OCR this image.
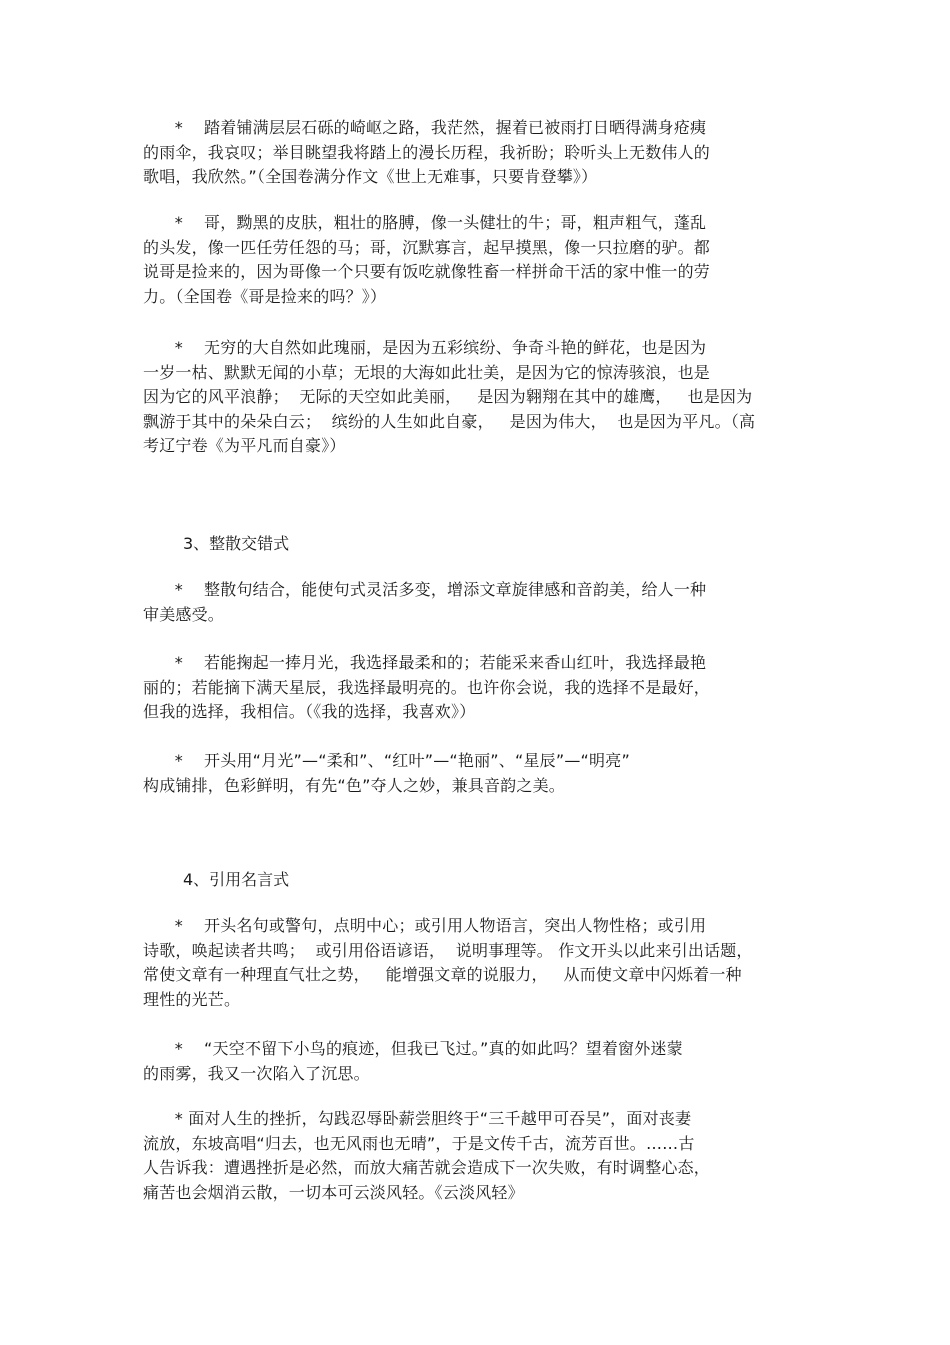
*    踏着铺满层层石砾的崎岖之路，我茫然，握着已被雨打日晒得满身疮痍
的雨伞，我哀叹；举目眺望我将踏上的漫长历程，我祈盼；聆听头上无数伟人的
歌唱，我欣然。”（全国卷满分作文《世上无难事，只要肯登攀》）
*    哥，黝黑的皮肤，粗壮的胳膊，像一头健壮的牛；哥，粗声粗气，蓬乱
的头发，像一匹任劳任怨的马；哥，沉默寡言，起早摸黑，像一只拉磨的驴。都
说哥是捡来的，因为哥像一个只要有饭吃就像牲畜一样拼命干活的家中惟一的劳
力。（全国卷《哥是捡来的吗？》）
*    无穷的大自然如此瑰丽，是因为五彩缤纷、争奇斗艳的鲜花，也是因为
一岁一枯、默默无闻的小草；无垠的大海如此壮美，是因为它的惊涛骇浪，也是
因为它的风平浪静；  无际的天空如此美丽，   是因为翱翔在其中的雄鹰，   也是因为
飘游于其中的朵朵白云；  缤纷的人生如此自豪，   是因为伟大，  也是因为平凡。（高
考辽宁卷《为平凡而自豪》）
3、整散交错式
*    整散句结合，能使句式灵活多变，增添文章旋律感和音韵美，给人一种
审美感受。
*    若能掬起一捧月光，我选择最柔和的；若能采来香山红叶，我选择最艳
丽的；若能摘下满天星辰，我选择最明亮的。也许你会说，我的选择不是最好，
但我的选择，我相信。（《我的选择，我喜欢》）
*    开头用“月光”—“柔和”、“红叶”—“艳丽”、“星辰”—“明亮”
构成铺排，色彩鲜明，有先“色”夺人之妙，兼具音韵之美。
4、引用名言式
*    开头名句或警句，点明中心；或引用人物语言，突出人物性格；或引用
诗歌，唤起读者共鸣；  或引用俗语谚语，  说明事理等。 作文开头以此来引出话题，
常使文章有一种理直气壮之势，   能增强文章的说服力，   从而使文章中闪烁着一种
理性的光芒。
*    “天空不留下小鸟的痕迹，但我已飞过。”真的如此吗？望着窗外迷蒙
的雨雾，我又一次陷入了沉思。
* 面对人生的挫折，勾践忍辱卧薪尝胆终于“三千越甲可吞吴”，面对丧妻
流放，东坡高唱“归去，也无风雨也无晴”，于是文传千古，流芳百世。……古
人告诉我：遭遇挫折是必然，而放大痛苦就会造成下一次失败，有时调整心态，
痛苦也会烟消云散，一切本可云淡风轻。《云淡风轻》
